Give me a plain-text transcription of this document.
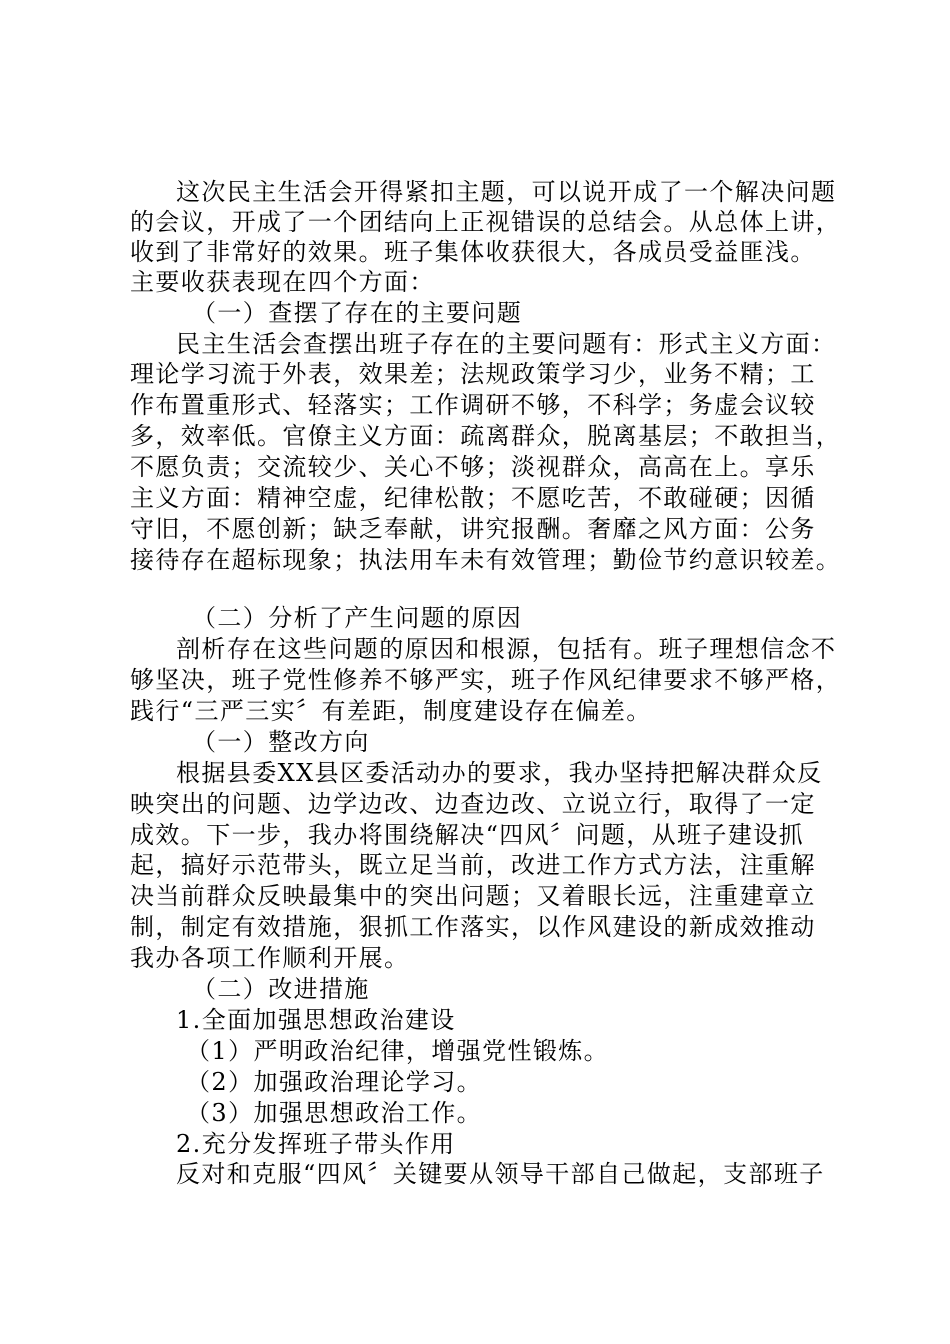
这次民主生活会开得紧扣主题，可以说开成了一个解决问题
的会议，开成了一个团结向上正视错误的总结会。从总体上讲，
收到了非常好的效果。班子集体收获很大，各成员受益匪浅。
主要收获表现在四个方面：
（一）查摆了存在的主要问题
民主生活会查摆出班子存在的主要问题有：形式主义方面：
理论学习流于外表，效果差；法规政策学习少，业务不精；工
作布置重形式、轻落实；工作调研不够，不科学；务虚会议较
多，效率低。官僚主义方面：疏离群众，脱离基层；不敢担当，
不愿负责；交流较少、关心不够；淡视群众，高高在上。享乐
主义方面：精神空虚，纪律松散；不愿吃苦，不敢碰硬；因循
守旧，不愿创新；缺乏奉献，讲究报酬。奢靡之风方面：公务
接待存在超标现象；执法用车未有效管理；勤俭节约意识较差。
（二）分析了产生问题的原因
剖析存在这些问题的原因和根源，包括有。班子理想信念不
够坚决，班子党性修养不够严实，班子作风纪律要求不够严格，
践行“三严三实〞有差距，制度建设存在偏差。
（一）整改方向
根据县委XX县区委活动办的要求，我办坚持把解决群众反
映突出的问题、边学边改、边查边改、立说立行，取得了一定
成效。下一步，我办将围绕解决“四风〞问题，从班子建设抓
起，搞好示范带头，既立足当前，改进工作方式方法，注重解
决当前群众反映最集中的突出问题；又着眼长远，注重建章立
制，制定有效措施，狠抓工作落实，以作风建设的新成效推动
我办各项工作顺利开展。
（二）改进措施
1.全面加强思想政治建设
（1）严明政治纪律，增强党性锻炼。
（2）加强政治理论学习。
（3）加强思想政治工作。
2.充分发挥班子带头作用
反对和克服“四风〞关键要从领导干部自己做起，支部班子
